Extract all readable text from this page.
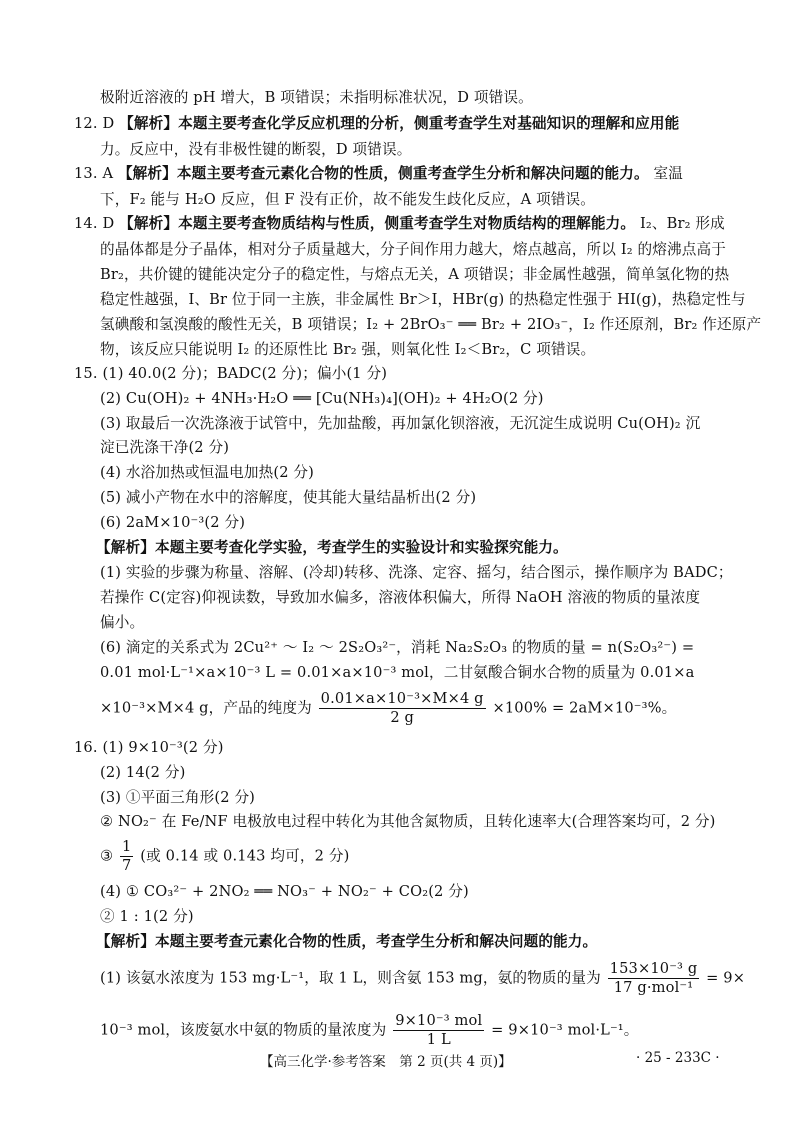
极附近溶液的 pH 增大，B 项错误；未指明标准状况，D 项错误。
12. D 【解析】本题主要考查化学反应机理的分析，侧重考查学生对基础知识的理解和应用能
力。反应中，没有非极性键的断裂，D 项错误。
13. A 【解析】本题主要考查元素化合物的性质，侧重考查学生分析和解决问题的能力。 室温
下，F₂ 能与 H₂O 反应，但 F 没有正价，故不能发生歧化反应，A 项错误。
14. D 【解析】本题主要考查物质结构与性质，侧重考查学生对物质结构的理解能力。 I₂、Br₂ 形成
的晶体都是分子晶体，相对分子质量越大，分子间作用力越大，熔点越高，所以 I₂ 的熔沸点高于
Br₂，共价键的键能决定分子的稳定性，与熔点无关，A 项错误；非金属性越强，简单氢化物的热
稳定性越强，I、Br 位于同一主族，非金属性 Br＞I，HBr(g) 的热稳定性强于 HI(g)，热稳定性与
氢碘酸和氢溴酸的酸性无关，B 项错误；I₂ + 2BrO₃⁻ ══ Br₂ + 2IO₃⁻，I₂ 作还原剂，Br₂ 作还原产
物，该反应只能说明 I₂ 的还原性比 Br₂ 强，则氧化性 I₂＜Br₂，C 项错误。
15. (1) 40.0(2 分)；BADC(2 分)；偏小(1 分)
(2) Cu(OH)₂ + 4NH₃·H₂O ══ [Cu(NH₃)₄](OH)₂ + 4H₂O(2 分)
(3) 取最后一次洗涤液于试管中，先加盐酸，再加氯化钡溶液，无沉淀生成说明 Cu(OH)₂ 沉
淀已洗涤干净(2 分)
(4) 水浴加热或恒温电加热(2 分)
(5) 减小产物在水中的溶解度，使其能大量结晶析出(2 分)
(6) 2aM×10⁻³(2 分)
【解析】本题主要考查化学实验，考查学生的实验设计和实验探究能力。
(1) 实验的步骤为称量、溶解、(冷却)转移、洗涤、定容、摇匀，结合图示，操作顺序为 BADC；
若操作 C(定容)仰视读数，导致加水偏多，溶液体积偏大，所得 NaOH 溶液的物质的量浓度
偏小。
(6) 滴定的关系式为 2Cu²⁺ ～ I₂ ～ 2S₂O₃²⁻，消耗 Na₂S₂O₃ 的物质的量 = n(S₂O₃²⁻) =
0.01 mol·L⁻¹×a×10⁻³ L = 0.01×a×10⁻³ mol，二甘氨酸合铜水合物的质量为 0.01×a
×10⁻³×M×4 g，产品的纯度为 $\frac{\text{0.01×a×10⁻³×M×4 g}}{2 g} \times 100\% = 2aM\times 10^{-3}\%$。
16. (1) 9×10⁻³(2 分)
(2) 14(2 分)
(3) ①平面三角形(2 分)
② NO₂⁻ 在 Fe/NF 电极放电过程中转化为其他含氮物质，且转化速率大(合理答案均可，2 分)
③ $\frac{1}{7}$ (或 0.14 或 0.143 均可，2 分)
(4) ① CO₃²⁻ + 2NO₂ ══ NO₃⁻ + NO₂⁻ + CO₂(2 分)
② 1 : 1(2 分)
【解析】本题主要考查元素化合物的性质，考查学生分析和解决问题的能力。
(1) 该氨水浓度为 153 mg·L⁻¹，取 1 L，则含氨 153 mg，氨的物质的量为 $\frac{\text{153×10⁻³ g}}{\text{17 g·mol⁻¹}} = 9\times$
10⁻³ mol，该废氨水中氨的物质的量浓度为 $\frac{\text{9×10⁻³ mol}}{1 L} = 9\times 10^{-3}$ mol·L⁻¹。
【高三化学·参考答案　第 2 页(共 4 页)】	· 25 - 233C ·
